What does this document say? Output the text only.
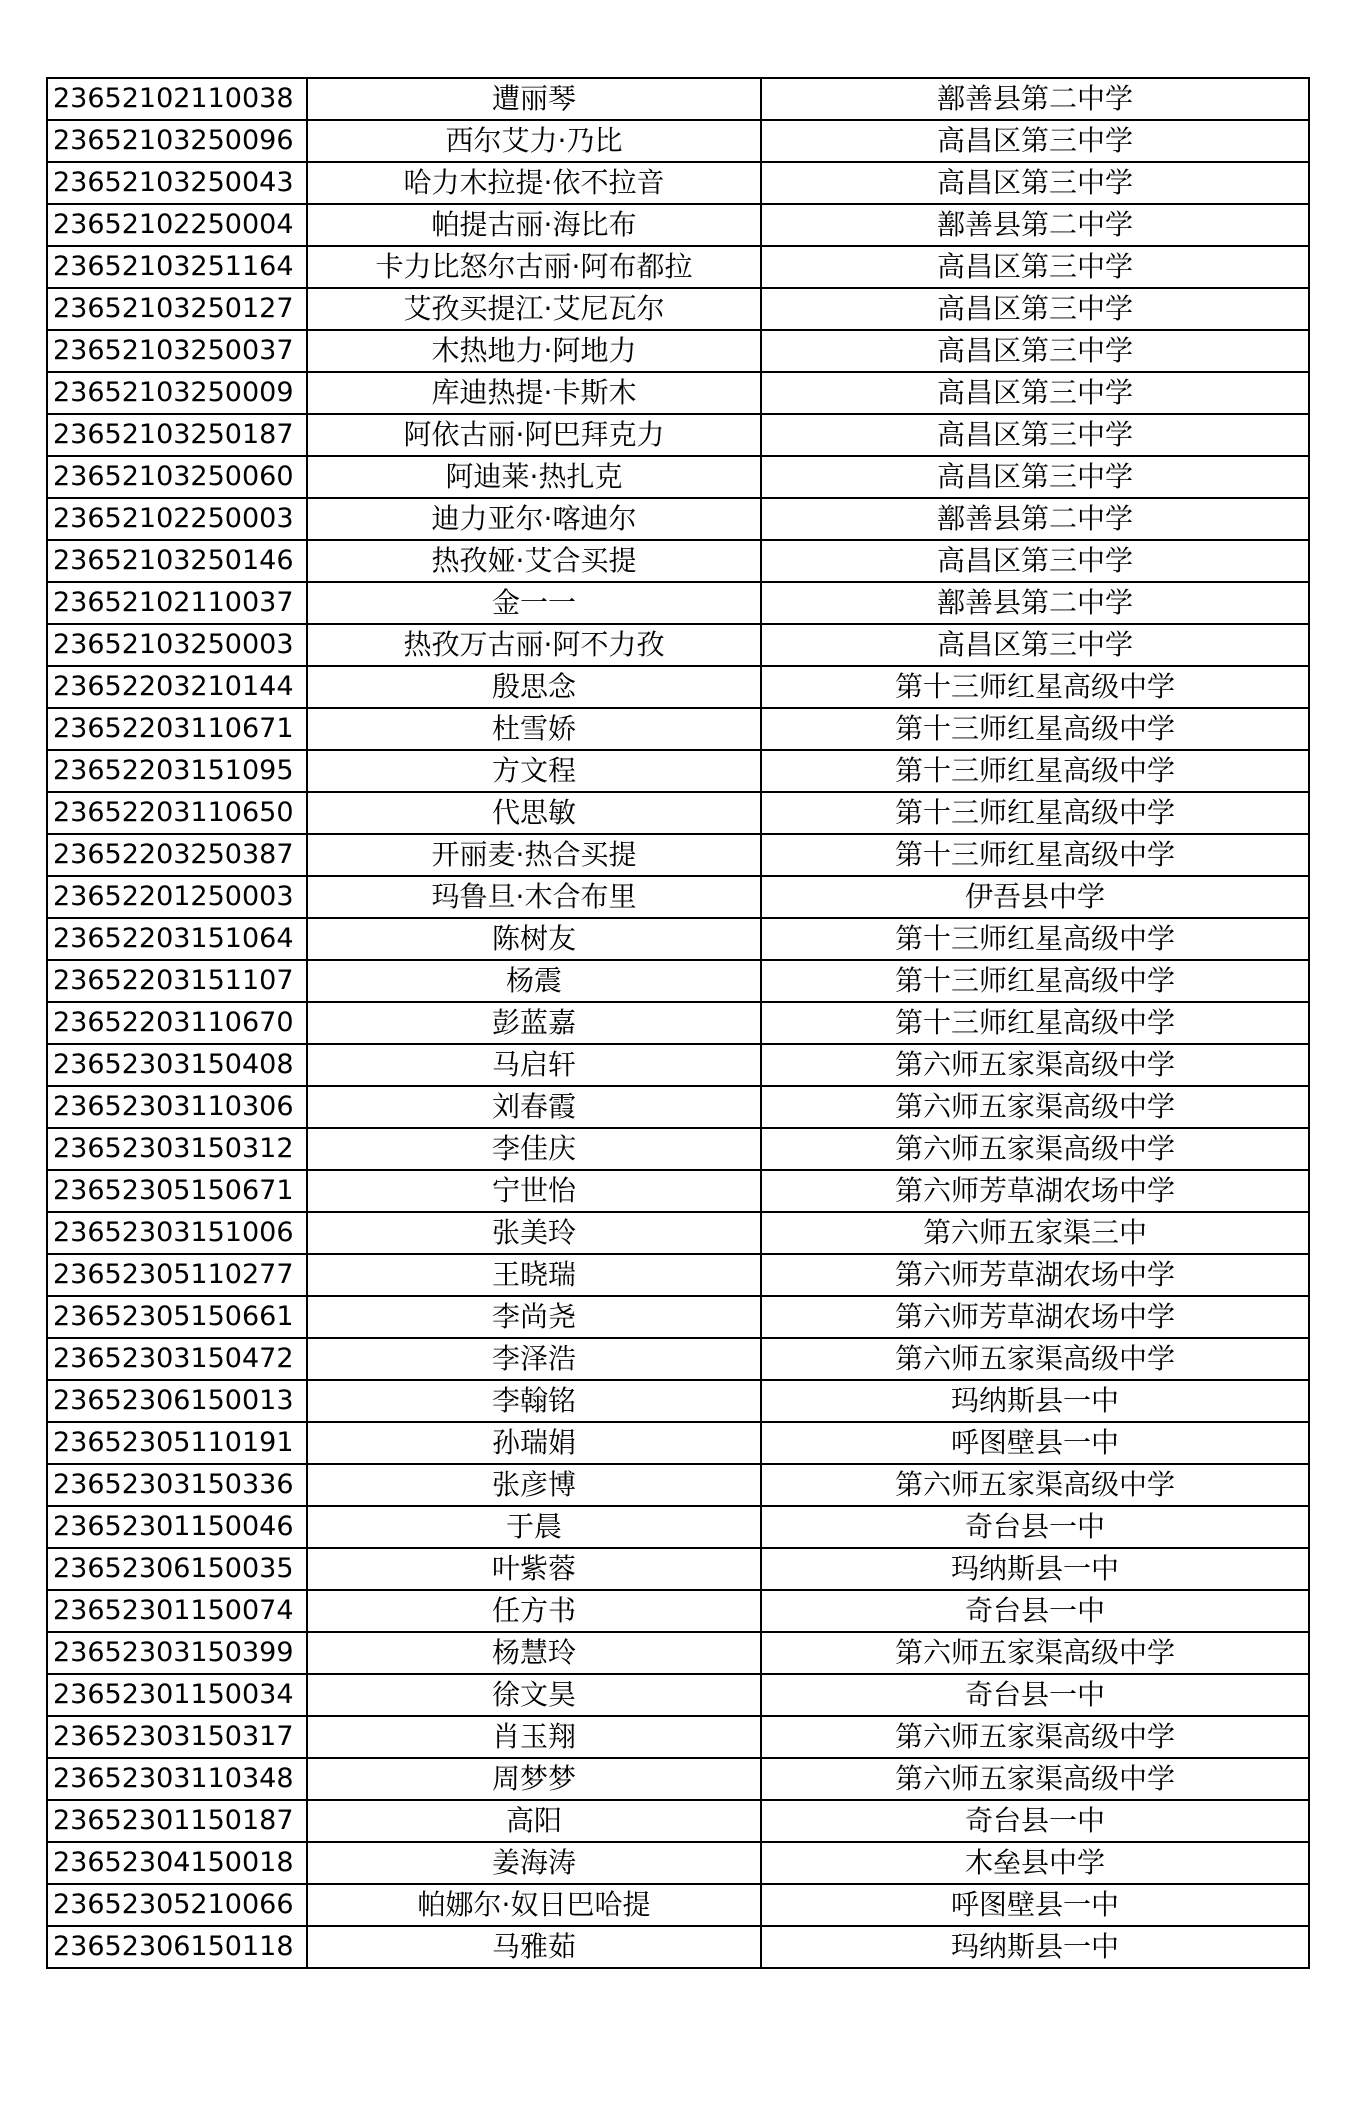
23652102110038	遭丽琴	鄯善县第二中学
23652103250096	西尔艾力·乃比	高昌区第三中学
23652103250043	哈力木拉提·依不拉音	高昌区第三中学
23652102250004	帕提古丽·海比布	鄯善县第二中学
23652103251164	卡力比怒尔古丽·阿布都拉	高昌区第三中学
23652103250127	艾孜买提江·艾尼瓦尔	高昌区第三中学
23652103250037	木热地力·阿地力	高昌区第三中学
23652103250009	库迪热提·卡斯木	高昌区第三中学
23652103250187	阿依古丽·阿巴拜克力	高昌区第三中学
23652103250060	阿迪莱·热扎克	高昌区第三中学
23652102250003	迪力亚尔·喀迪尔	鄯善县第二中学
23652103250146	热孜娅·艾合买提	高昌区第三中学
23652102110037	金一一	鄯善县第二中学
23652103250003	热孜万古丽·阿不力孜	高昌区第三中学
23652203210144	殷思念	第十三师红星高级中学
23652203110671	杜雪娇	第十三师红星高级中学
23652203151095	方文程	第十三师红星高级中学
23652203110650	代思敏	第十三师红星高级中学
23652203250387	开丽麦·热合买提	第十三师红星高级中学
23652201250003	玛鲁旦·木合布里	伊吾县中学
23652203151064	陈树友	第十三师红星高级中学
23652203151107	杨震	第十三师红星高级中学
23652203110670	彭蓝嘉	第十三师红星高级中学
23652303150408	马启轩	第六师五家渠高级中学
23652303110306	刘春霞	第六师五家渠高级中学
23652303150312	李佳庆	第六师五家渠高级中学
23652305150671	宁世怡	第六师芳草湖农场中学
23652303151006	张美玲	第六师五家渠三中
23652305110277	王晓瑞	第六师芳草湖农场中学
23652305150661	李尚尧	第六师芳草湖农场中学
23652303150472	李泽浩	第六师五家渠高级中学
23652306150013	李翰铭	玛纳斯县一中
23652305110191	孙瑞娟	呼图壁县一中
23652303150336	张彦博	第六师五家渠高级中学
23652301150046	于晨	奇台县一中
23652306150035	叶紫蓉	玛纳斯县一中
23652301150074	任方书	奇台县一中
23652303150399	杨慧玲	第六师五家渠高级中学
23652301150034	徐文昊	奇台县一中
23652303150317	肖玉翔	第六师五家渠高级中学
23652303110348	周梦梦	第六师五家渠高级中学
23652301150187	高阳	奇台县一中
23652304150018	姜海涛	木垒县中学
23652305210066	帕娜尔·奴日巴哈提	呼图壁县一中
23652306150118	马雅茹	玛纳斯县一中
